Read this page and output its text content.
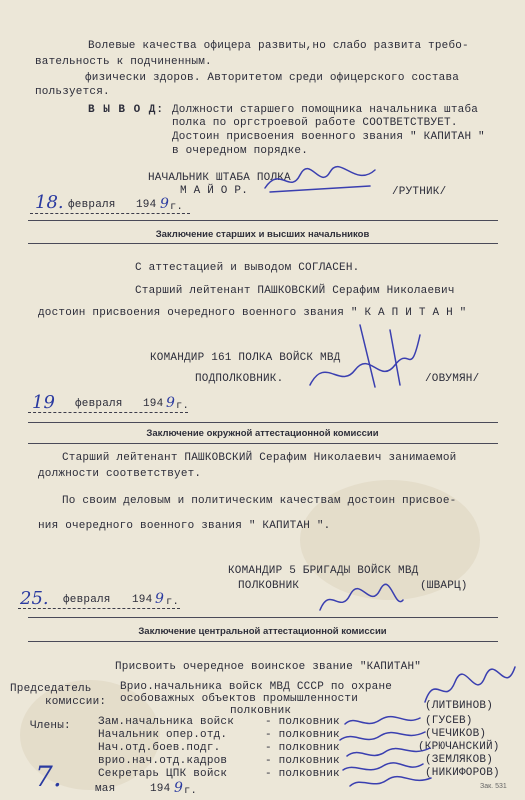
Волевые качества офицера развиты,но слабо развита требо-
вательность к подчиненным.
физически здоров. Авторитетом среди офицерского состава
пользуется.
В Ы В О Д: Должности старшего помощника начальника штаба
полка по оргстроевой работе СООТВЕТСТВУЕТ.
Достоин присвоения военного звания " КАПИТАН "
в очередном порядке.
НАЧАЛЬНИК ШТАБА ПОЛКА
М А Й О Р.	/РУТНИК/
18. февраля 194 9 г.
Заключение старших и высших начальников
С аттестацией и выводом СОГЛАСЕН.
Старший лейтенант ПАШКОВСКИЙ Серафим Николаевич
достоин присвоения очередного военного звания " К А П И Т А Н "
КОМАНДИР 161 ПОЛКА ВОЙСК МВД
ПОДПОЛКОВНИК.	/ОВУМЯН/
19 февраля 194 9 г.
Заключение окружной аттестационной комиссии
Старший лейтенант ПАШКОВСКИЙ Серафим Николаевич занимаемой
должности соответствует.
По своим деловым и политическим качествам достоин присвое-
ния очередного военного звания " КАПИТАН ".
КОМАНДИР 5 БРИГАДЫ ВОЙСК МВД
ПОЛКОВНИК	(ШВАРЦ)
25. февраля 194 9 г.
Заключение центральной аттестационной комиссии
Присвоить очередное воинское звание "КАПИТАН"
Председатель
комиссии:
Врио.начальника войск МВД СССР по охране
особоважных объектов промышленности
полковник	(ЛИТВИНОВ)
Члены: Зам.начальника войск	- полковник	(ГУСЕВ)
Начальник опер.отд.	- полковник	(ЧЕЧИКОВ)
Нач.отд.боев.подг.	- полковник	(КРЮЧАНСКИЙ)
врио.нач.отд.кадров	- полковник	(ЗЕМЛЯКОВ)
Секретарь ЦПК войск	- полковник	(НИКИФОРОВ)
7.	мая	194 9 г.	Зак. 531
